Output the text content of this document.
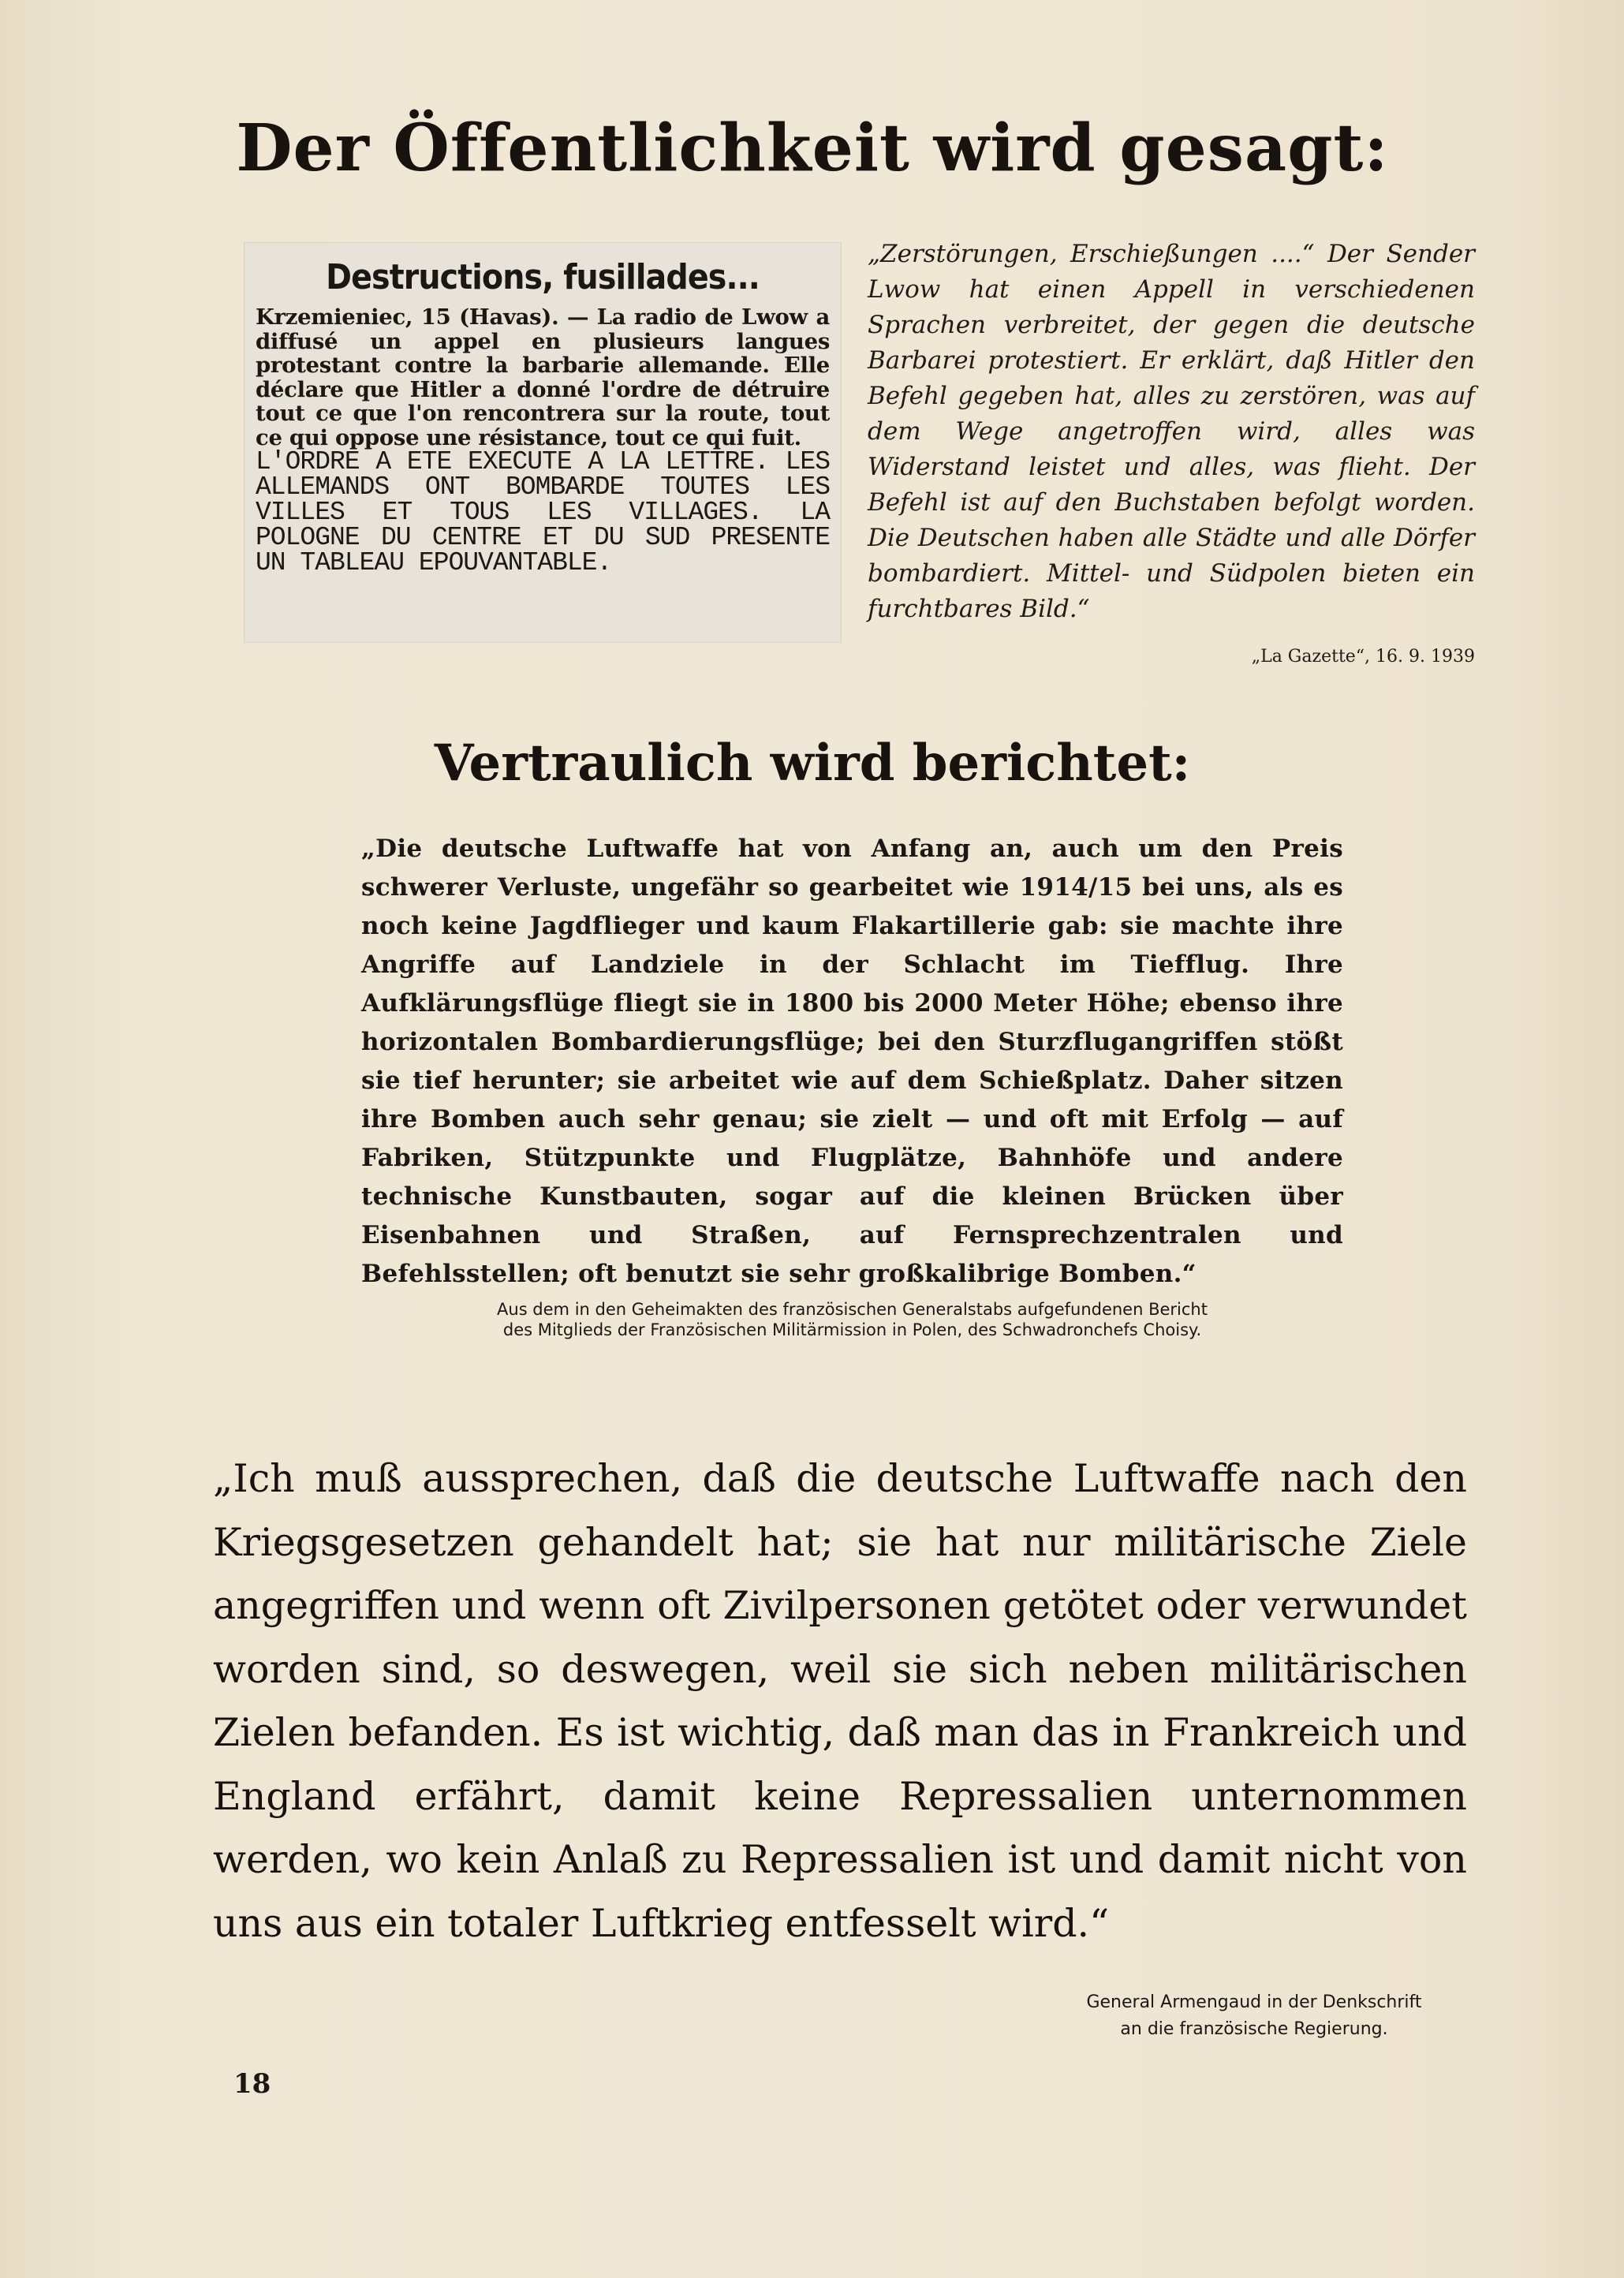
Der Öffentlichkeit wird gesagt:
Destructions, fusillades...
Krzemieniec, 15 (Havas). — La radio de Lwow a diffusé un appel en plusieurs langues protestant contre la barbarie allemande. Elle déclare que Hitler a donné l'ordre de détruire tout ce que l'on rencontrera sur la route, tout ce qui oppose une résistance, tout ce qui fuit.
L'ORDRE A ETE EXECUTE A LA LETTRE. LES ALLEMANDS ONT BOMBARDE TOUTES LES VILLES ET TOUS LES VILLAGES. LA POLOGNE DU CENTRE ET DU SUD PRESENTE UN TABLEAU EPOUVANTABLE.
„Zerstörungen, Erschießungen ....“ Der Sender Lwow hat einen Appell in verschiedenen Sprachen verbreitet, der gegen die deutsche Barbarei protestiert. Er erklärt, daß Hitler den Befehl gegeben hat, alles zu zerstören, was auf dem Wege angetroffen wird, alles was Widerstand leistet und alles, was flieht. Der Befehl ist auf den Buchstaben befolgt worden. Die Deutschen haben alle Städte und alle Dörfer bombardiert. Mittel- und Südpolen bieten ein furchtbares Bild.“
„La Gazette“, 16. 9. 1939
Vertraulich wird berichtet:
„Die deutsche Luftwaffe hat von Anfang an, auch um den Preis schwerer Verluste, ungefähr so gearbeitet wie 1914/15 bei uns, als es noch keine Jagdflieger und kaum Flakartillerie gab: sie machte ihre Angriffe auf Landziele in der Schlacht im Tiefflug. Ihre Aufklärungsflüge fliegt sie in 1800 bis 2000 Meter Höhe; ebenso ihre horizontalen Bombardierungsflüge; bei den Sturzflugangriffen stößt sie tief herunter; sie arbeitet wie auf dem Schießplatz. Daher sitzen ihre Bomben auch sehr genau; sie zielt — und oft mit Erfolg — auf Fabriken, Stützpunkte und Flugplätze, Bahnhöfe und andere technische Kunstbauten, sogar auf die kleinen Brücken über Eisenbahnen und Straßen, auf Fernsprechzentralen und Befehlsstellen; oft benutzt sie sehr großkalibrige Bomben.“
Aus dem in den Geheimakten des französischen Generalstabs aufgefundenen Bericht
des Mitglieds der Französischen Militärmission in Polen, des Schwadronchefs Choisy.
„Ich muß aussprechen, daß die deutsche Luftwaffe nach den Kriegsgesetzen gehandelt hat; sie hat nur militärische Ziele angegriffen und wenn oft Zivilpersonen getötet oder verwundet worden sind, so deswegen, weil sie sich neben militärischen Zielen befanden. Es ist wichtig, daß man das in Frankreich und England erfährt, damit keine Repressalien unternommen werden, wo kein Anlaß zu Repressalien ist und damit nicht von uns aus ein totaler Luftkrieg entfesselt wird.“
General Armengaud in der Denkschrift
an die französische Regierung.
18
